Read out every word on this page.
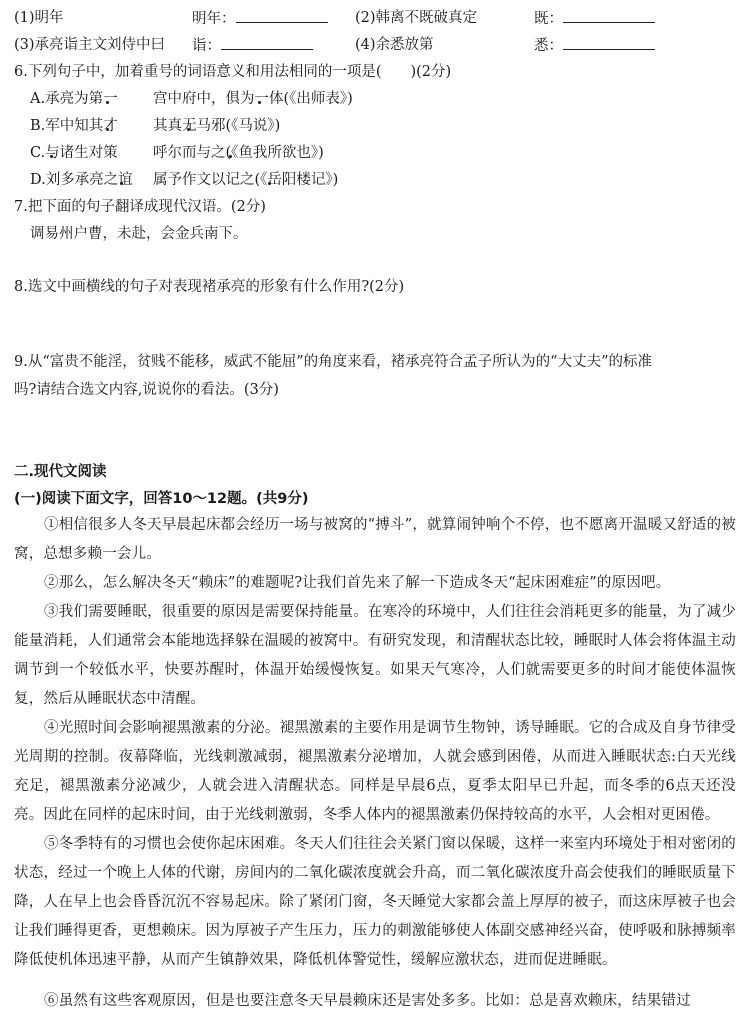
(1)明年	明年：	(2)韩离不既破真定	既：
(3)承亮诣主文刘侍中曰 诣：	(4)余悉放第	悉：
6.下列句子中，加着重号的词语意义和用法相同的一项是(　　)(2分)
A.承亮为第一 宫中府中，俱为一体(《出师表》)
B.军中知其才 其真无马邪(《马说》)
C.与诸生对策 呼尔而与之(《鱼我所欲也》)
D.刘多承亮之谊 属予作文以记之(《岳阳楼记》)
7.把下面的句子翻译成现代汉语。(2分)
调易州户曹，未赴，会金兵南下。
8.选文中画横线的句子对表现褚承亮的形象有什么作用?(2分)
9.从“富贵不能淫，贫贱不能移，威武不能屈”的角度来看，褚承亮符合孟子所认为的“大丈夫”的标准
吗?请结合选文内容,说说你的看法。(3分)
二.现代文阅读
(一)阅读下面文字，回答10～12题。(共9分)
①相信很多人冬天早晨起床都会经历一场与被窝的“搏斗”，就算闹钟响个不停，也不愿离开温暖又舒适的被窝，总想多赖一会儿。
②那么，怎么解决冬天“赖床”的难题呢?让我们首先来了解一下造成冬天“起床困难症”的原因吧。
③我们需要睡眠，很重要的原因是需要保持能量。在寒冷的环境中，人们往往会消耗更多的能量，为了减少能量消耗，人们通常会本能地选择躲在温暖的被窝中。有研究发现，和清醒状态比较，睡眠时人体会将体温主动调节到一个较低水平，快要苏醒时，体温开始缓慢恢复。如果天气寒冷，人们就需要更多的时间才能使体温恢复，然后从睡眠状态中清醒。
④光照时间会影响褪黑激素的分泌。褪黑激素的主要作用是调节生物钟，诱导睡眠。它的合成及自身节律受光周期的控制。夜幕降临，光线刺激减弱，褪黑激素分泌增加，人就会感到困倦，从而进入睡眠状态:白天光线充足，褪黑激素分泌减少，人就会进入清醒状态。同样是早晨6点，夏季太阳早已升起，而冬季的6点天还没亮。因此在同样的起床时间，由于光线刺激弱，冬季人体内的褪黑激素仍保持较高的水平，人会相对更困倦。
⑤冬季特有的习惯也会使你起床困难。冬天人们往往会关紧门窗以保暖，这样一来室内环境处于相对密闭的状态，经过一个晚上人体的代谢，房间内的二氧化碳浓度就会升高，而二氧化碳浓度升高会使我们的睡眠质量下降，人在早上也会昏昏沉沉不容易起床。除了紧闭门窗，冬天睡觉大家都会盖上厚厚的被子，而这床厚被子也会让我们睡得更香，更想赖床。因为厚被子产生压力，压力的刺激能够使人体副交感神经兴奋，使呼吸和脉搏频率降低使机体迅速平静，从而产生镇静效果，降低机体警觉性，缓解应激状态，进而促进睡眠。
⑥虽然有这些客观原因，但是也要注意冬天早晨赖床还是害处多多。比如：总是喜欢赖床，结果错过
